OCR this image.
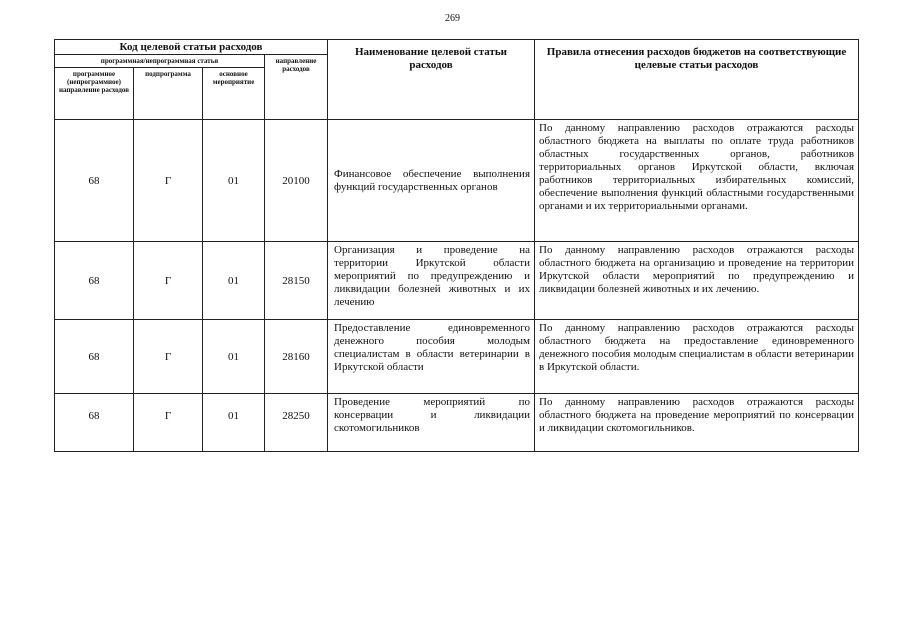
269
Код целевой статьи расходов				Наименование целевой статьи расходов	Правила отнесения расходов бюджетов на соответствующие целевые статьи расходов
программная/непрограммная статья			направление расходов		
программное (непрограммное) направление расходов	подпрограмма	основное мероприятие			
68	Г	01	20100	Финансовое обеспечение выполнения функций государственных органов	По данному направлению расходов отражаются расходы областного бюджета на выплаты по оплате труда работников областных государственных органов, работников территориальных органов Иркутской области, включая работников территориальных избирательных комиссий, обеспечение выполнения функций областными государственными органами и их территориальными органами.
68	Г	01	28150	Организация и проведение на территории Иркутской области мероприятий по предупреждению и ликвидации болезней животных и их лечению	По данному направлению расходов отражаются расходы областного бюджета на организацию и проведение на территории Иркутской области мероприятий по предупреждению и ликвидации болезней животных и их лечению.
68	Г	01	28160	Предоставление единовременного денежного пособия молодым специалистам в области ветеринарии в Иркутской области	По данному направлению расходов отражаются расходы областного бюджета на предоставление единовременного денежного пособия молодым специалистам в области ветеринарии в Иркутской области.
68	Г	01	28250	Проведение мероприятий по консервации и ликвидации скотомогильников	По данному направлению расходов отражаются расходы областного бюджета на проведение мероприятий по консервации и ликвидации скотомогильников.
